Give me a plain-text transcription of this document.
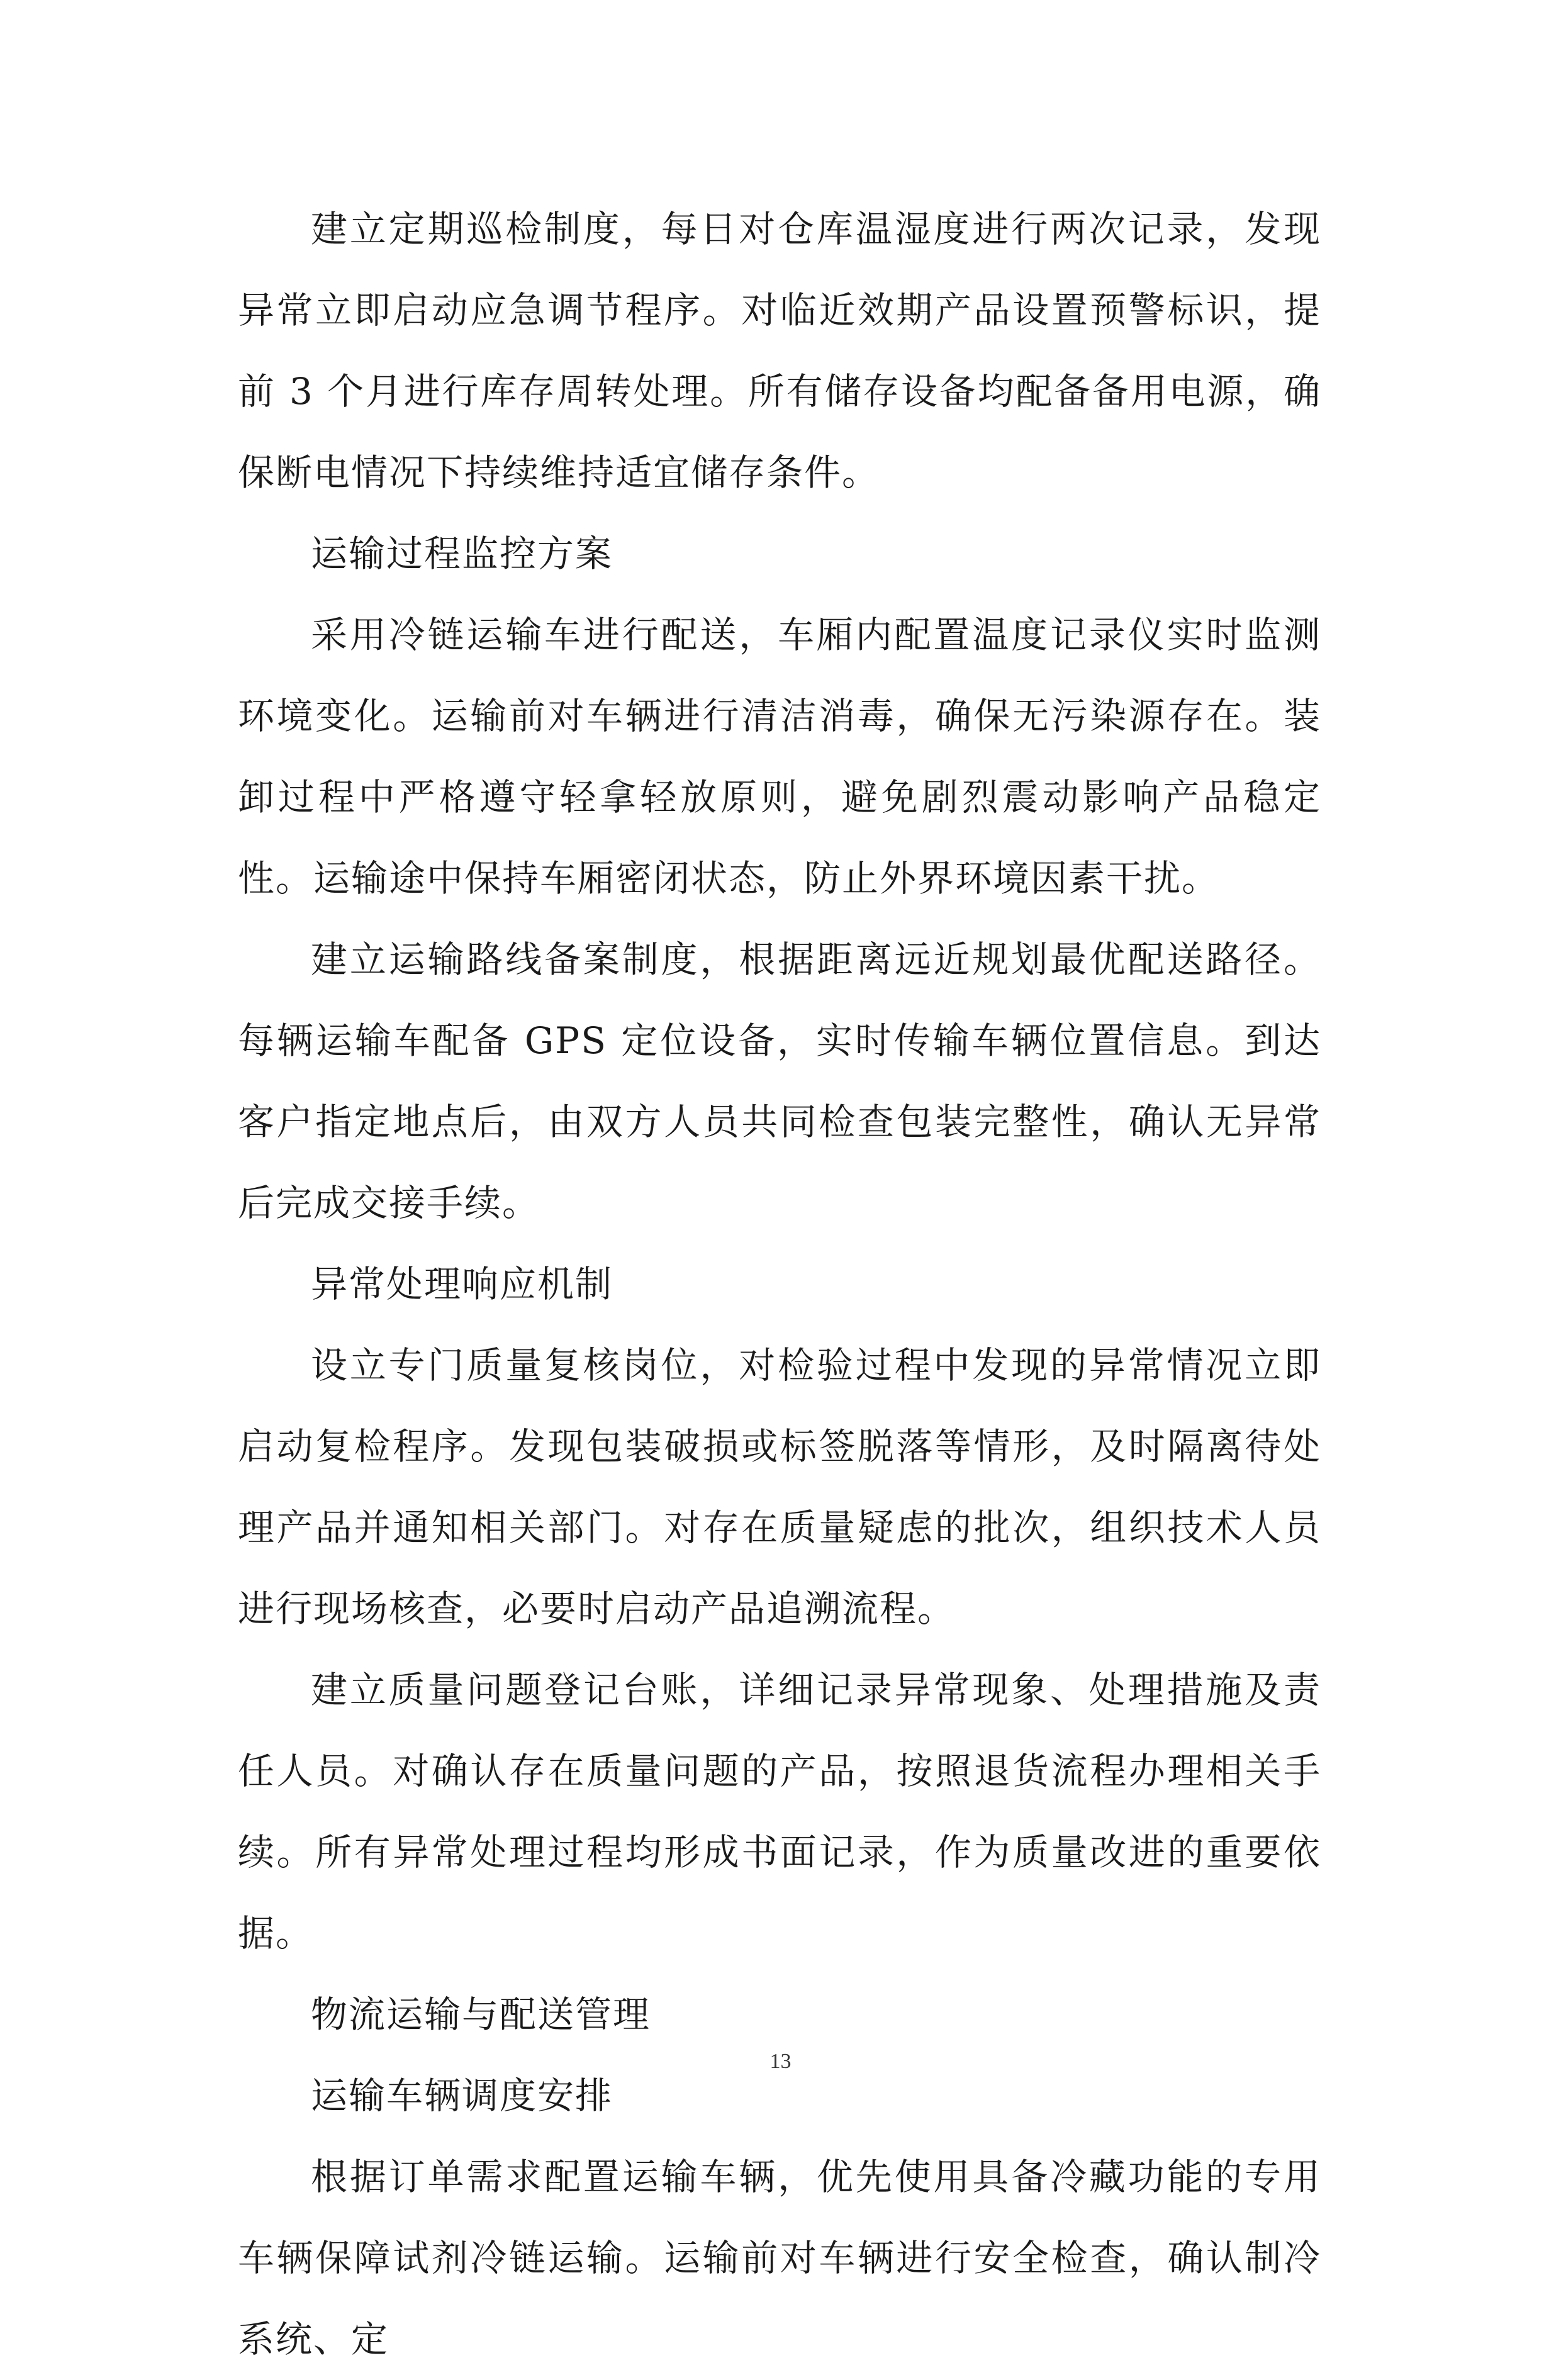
建立定期巡检制度，每日对仓库温湿度进行两次记录，发现异常立即启动应急调节程序。对临近效期产品设置预警标识，提前 3 个月进行库存周转处理。所有储存设备均配备备用电源，确保断电情况下持续维持适宜储存条件。

运输过程监控方案

采用冷链运输车进行配送，车厢内配置温度记录仪实时监测环境变化。运输前对车辆进行清洁消毒，确保无污染源存在。装卸过程中严格遵守轻拿轻放原则，避免剧烈震动影响产品稳定性。运输途中保持车厢密闭状态，防止外界环境因素干扰。

建立运输路线备案制度，根据距离远近规划最优配送路径。每辆运输车配备 GPS 定位设备，实时传输车辆位置信息。到达客户指定地点后，由双方人员共同检查包装完整性，确认无异常后完成交接手续。

异常处理响应机制

设立专门质量复核岗位，对检验过程中发现的异常情况立即启动复检程序。发现包装破损或标签脱落等情形，及时隔离待处理产品并通知相关部门。对存在质量疑虑的批次，组织技术人员进行现场核查，必要时启动产品追溯流程。

建立质量问题登记台账，详细记录异常现象、处理措施及责任人员。对确认存在质量问题的产品，按照退货流程办理相关手续。所有异常处理过程均形成书面记录，作为质量改进的重要依据。

物流运输与配送管理

运输车辆调度安排

根据订单需求配置运输车辆，优先使用具备冷藏功能的专用车辆保障试剂冷链运输。运输前对车辆进行安全检查，确认制冷系统、定

13
